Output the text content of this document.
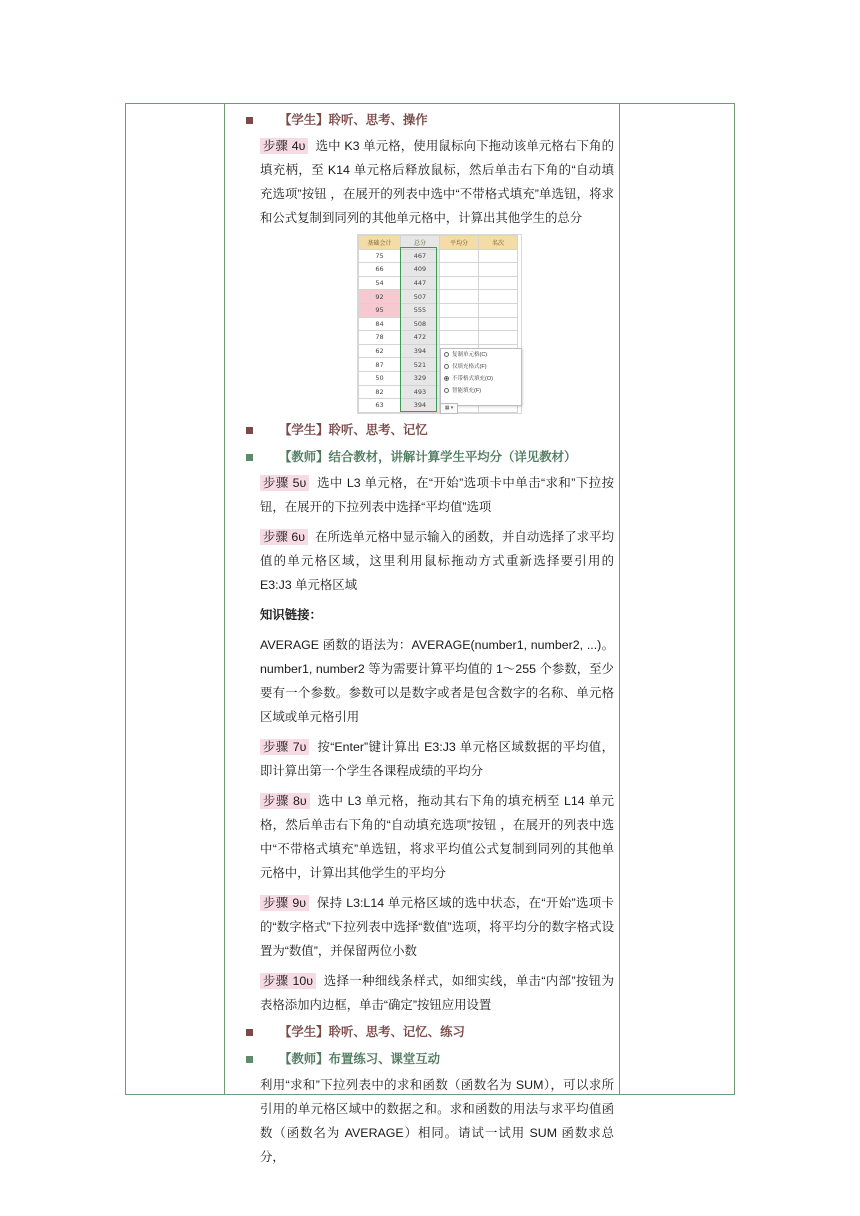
【学生】聆听、思考、操作

步骤 4υ 选中 K3 单元格，使用鼠标向下拖动该单元格右下角的填充柄，至 K14 单元格后释放鼠标，然后单击右下角的“自动填充选项”按钮 ，在展开的列表中选中“不带格式填充”单选钮，将求和公式复制到同列的其他单元格中，计算出其他学生的总分

基础会计	总分	平均分	名次
75	467		
66	409		
54	447		
92	507		
95	555		
84	508		
78	472		
62	394		
87	521		
50	329		
82	493		
63	394		
复制单元格(C)
仅填充格式(F)
不带格式填充(O)
智能填充(F)
▦ ▾
【学生】聆听、思考、记忆
【教师】结合教材，讲解计算学生平均分（详见教材）

步骤 5υ 选中 L3 单元格，在“开始”选项卡中单击“求和”下拉按钮，在展开的下拉列表中选择“平均值”选项

步骤 6υ 在所选单元格中显示输入的函数，并自动选择了求平均值的单元格区域，这里利用鼠标拖动方式重新选择要引用的 E3:J3 单元格区域

知识链接：

AVERAGE 函数的语法为：AVERAGE(number1, number2, ...)。number1, number2 等为需要计算平均值的 1～255 个参数，至少要有一个参数。参数可以是数字或者是包含数字的名称、单元格区域或单元格引用

步骤 7υ 按“Enter”键计算出 E3:J3 单元格区域数据的平均值，即计算出第一个学生各课程成绩的平均分

步骤 8υ 选中 L3 单元格，拖动其右下角的填充柄至 L14 单元格，然后单击右下角的“自动填充选项”按钮 ，在展开的列表中选中“不带格式填充”单选钮，将求平均值公式复制到同列的其他单元格中，计算出其他学生的平均分

步骤 9υ 保持 L3:L14 单元格区域的选中状态，在“开始”选项卡的“数字格式”下拉列表中选择“数值”选项，将平均分的数字格式设置为“数值”，并保留两位小数

步骤 10υ 选择一种细线条样式，如细实线，单击“内部”按钮为表格添加内边框，单击“确定”按钮应用设置

【学生】聆听、思考、记忆、练习
【教师】布置练习、课堂互动

利用“求和”下拉列表中的求和函数（函数名为 SUM），可以求所引用的单元格区域中的数据之和。求和函数的用法与求平均值函数（函数名为 AVERAGE）相同。请试一试用 SUM 函数求总分，
